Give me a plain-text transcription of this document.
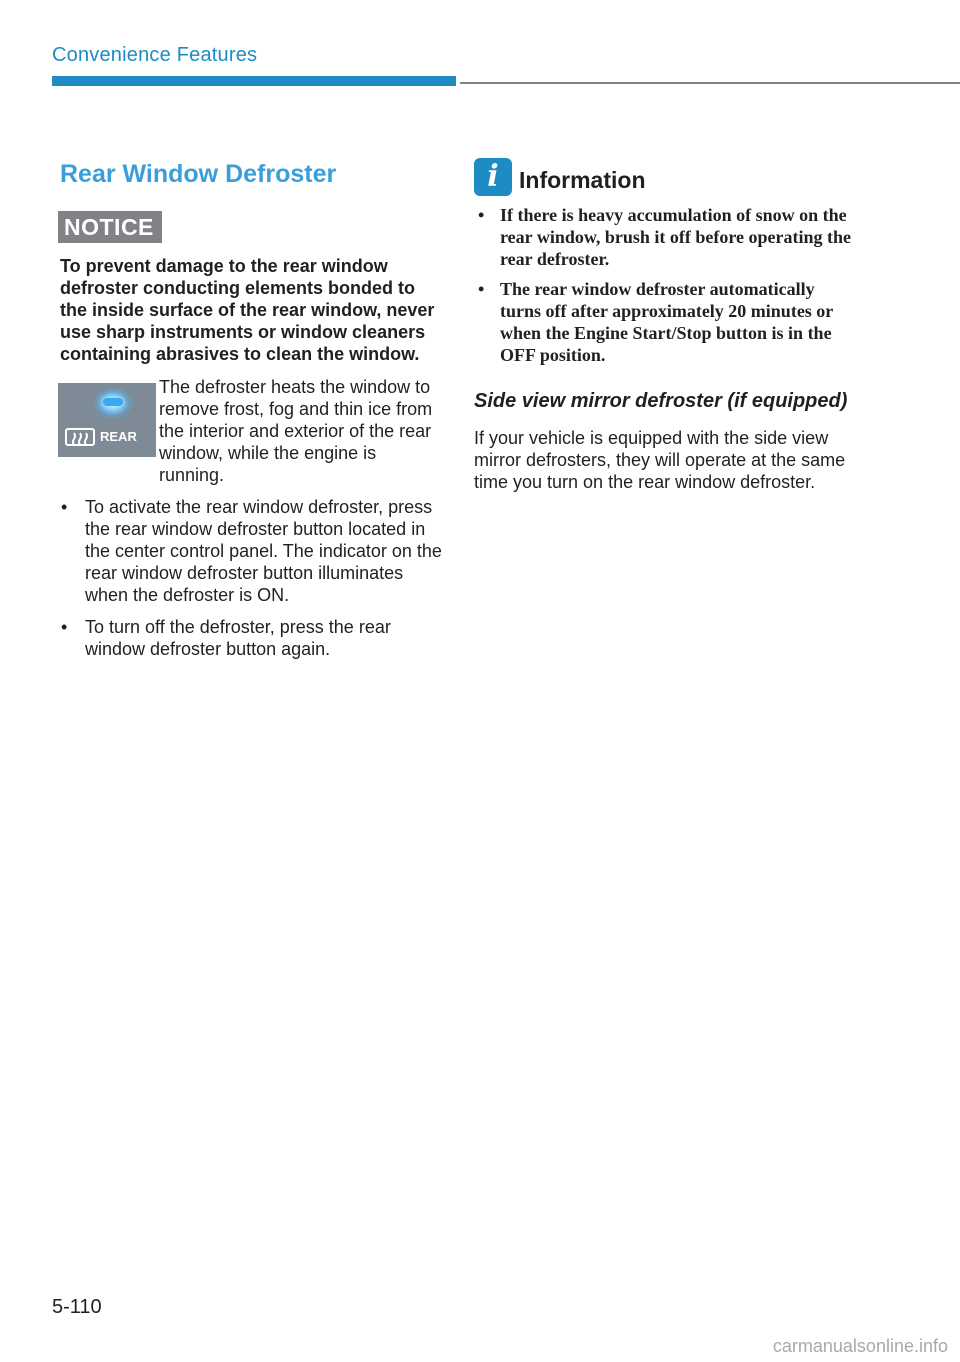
Convenience Features
Rear Window Defroster
NOTICE
To prevent damage to the rear window defroster conducting elements bonded to the inside surface of the rear window, never use sharp instruments or window cleaners containing abrasives to clean the window.
REAR
The defroster heats the window to remove frost, fog and thin ice from the interior and exterior of the rear window, while the engine is running.
• To activate the rear window defroster, press the rear window defroster button located in the center control panel. The indicator on the rear window defroster button illuminates when the defroster is ON.
• To turn off the defroster, press the rear window defroster button again.
i Information
• If there is heavy accumulation of snow on the rear window, brush it off before operating the rear defroster.
• The rear window defroster automatically turns off after approximately 20 minutes or when the Engine Start/Stop button is in the OFF position.
Side view mirror defroster (if equipped)
If your vehicle is equipped with the side view mirror defrosters, they will operate at the same time you turn on the rear window defroster.
5-110
carmanualsonline.info
